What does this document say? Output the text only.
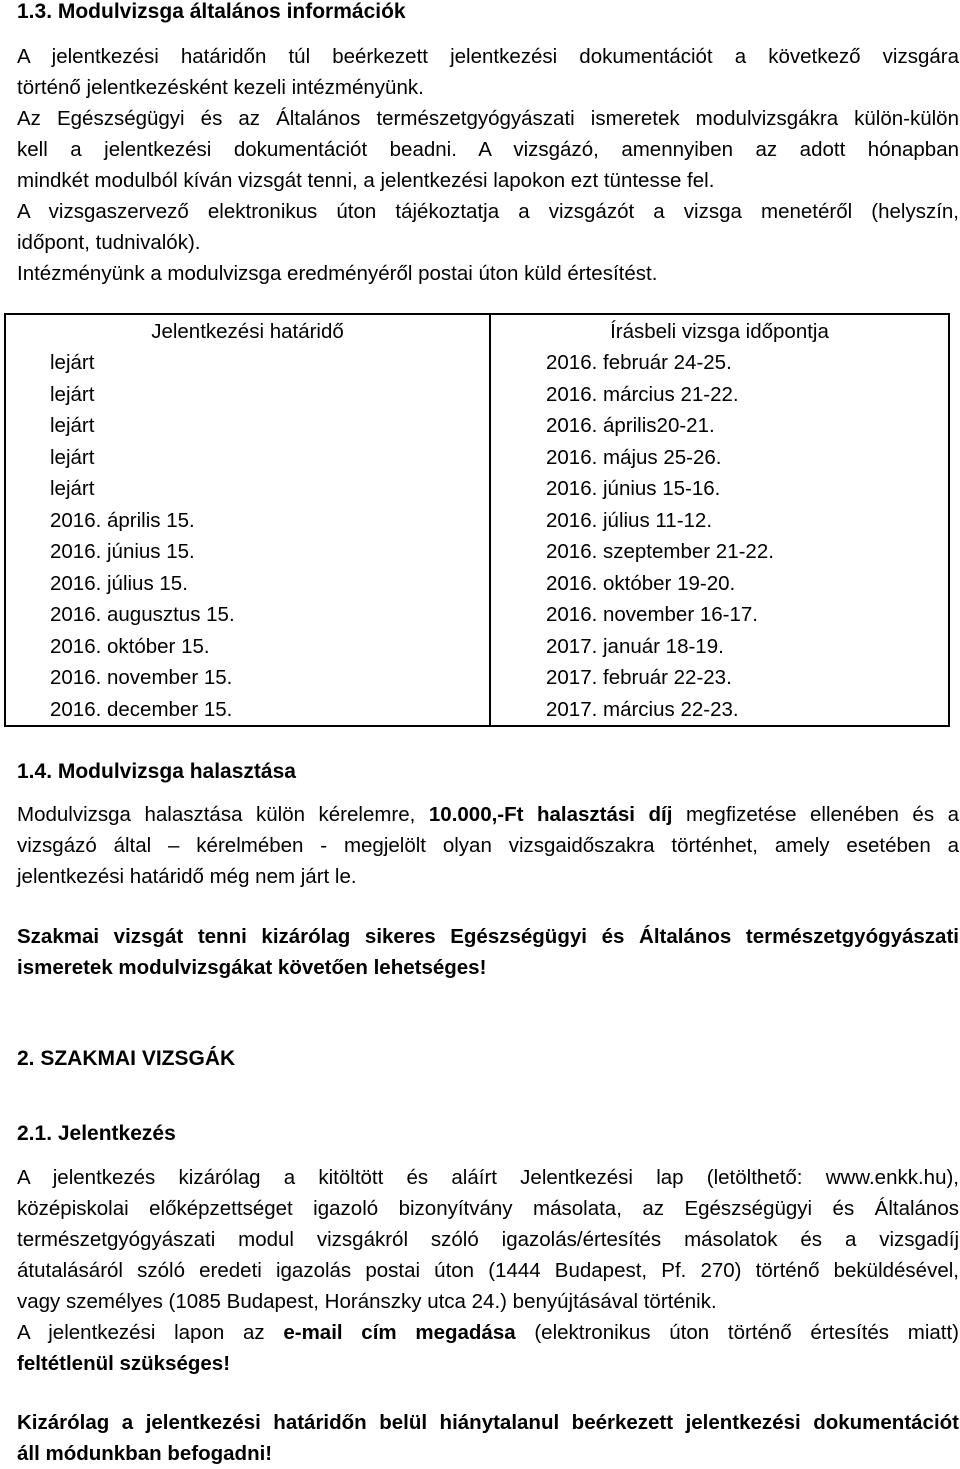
1.3. Modulvizsga általános információk
A jelentkezési határidőn túl beérkezett jelentkezési dokumentációt a következő vizsgára
történő jelentkezésként kezeli intézményünk.
Az Egészségügyi és az Általános természetgyógyászati ismeretek modulvizsgákra külön-külön
kell a jelentkezési dokumentációt beadni. A vizsgázó, amennyiben az adott hónapban
mindkét modulból kíván vizsgát tenni, a jelentkezési lapokon ezt tüntesse fel.
A vizsgaszervező elektronikus úton tájékoztatja a vizsgázót a vizsga menetéről (helyszín,
időpont, tudnivalók).
Intézményünk a modulvizsga eredményéről postai úton küld értesítést.
Jelentkezési határidő	Írásbeli vizsga időpontja
lejárt	2016. február 24-25.
lejárt	2016. március 21-22.
lejárt	2016. április20-21.
lejárt	2016. május 25-26.
lejárt	2016. június 15-16.
2016. április 15.	2016. július 11-12.
2016. június 15.	2016. szeptember 21-22.
2016. július 15.	2016. október 19-20.
2016. augusztus 15.	2016. november 16-17.
2016. október 15.	2017. január 18-19.
2016. november 15.	2017. február 22-23.
2016. december 15.	2017. március 22-23.
1.4. Modulvizsga halasztása
Modulvizsga halasztása külön kérelemre, 10.000,-Ft halasztási díj megfizetése ellenében és a
vizsgázó által – kérelmében - megjelölt olyan vizsgaidőszakra történhet, amely esetében a
jelentkezési határidő még nem járt le.
Szakmai vizsgát tenni kizárólag sikeres Egészségügyi és Általános természetgyógyászati
ismeretek modulvizsgákat követően lehetséges!
2. SZAKMAI VIZSGÁK
2.1. Jelentkezés
A jelentkezés kizárólag a kitöltött és aláírt Jelentkezési lap (letölthető: www.enkk.hu),
középiskolai előképzettséget igazoló bizonyítvány másolata, az Egészségügyi és Általános
természetgyógyászati modul vizsgákról szóló igazolás/értesítés másolatok és a vizsgadíj
átutalásáról szóló eredeti igazolás postai úton (1444 Budapest, Pf. 270) történő beküldésével,
vagy személyes (1085 Budapest, Horánszky utca 24.) benyújtásával történik.
A jelentkezési lapon az e-mail cím megadása (elektronikus úton történő értesítés miatt)
feltétlenül szükséges!
Kizárólag a jelentkezési határidőn belül hiánytalanul beérkezett jelentkezési dokumentációt
áll módunkban befogadni!
